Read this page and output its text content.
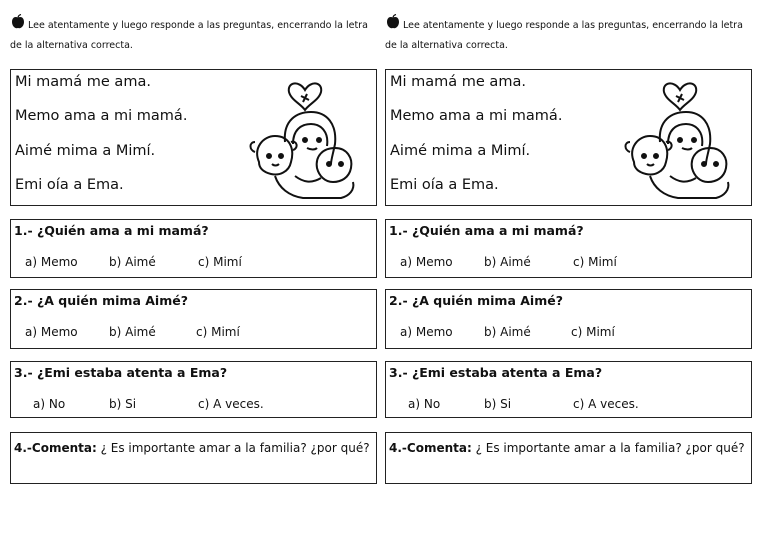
Lee atentamente y luego responde a las preguntas, encerrando la letra de la alternativa correcta.
Mi mamá me ama.
Memo ama a mi mamá.
Aimé mima a Mimí.
Emi oía a Ema.
1.- ¿Quién ama a mi mamá?
a) Memo	b) Aimé	c) Mimí
2.- ¿A quién mima Aimé?
a) Memo	b) Aimé	c) Mimí
3.- ¿Emi estaba atenta a Ema?
a) No	b) Si	c) A veces.
4.-Comenta: ¿ Es importante amar a la familia? ¿por qué?
Lee atentamente y luego responde a las preguntas, encerrando la letra de la alternativa correcta.
Mi mamá me ama.
Memo ama a mi mamá.
Aimé mima a Mimí.
Emi oía a Ema.
1.- ¿Quién ama a mi mamá?
a) Memo	b) Aimé	c) Mimí
2.- ¿A quién mima Aimé?
a) Memo	b) Aimé	c) Mimí
3.- ¿Emi estaba atenta a Ema?
a) No	b) Si	c) A veces.
4.-Comenta: ¿ Es importante amar a la familia? ¿por qué?
